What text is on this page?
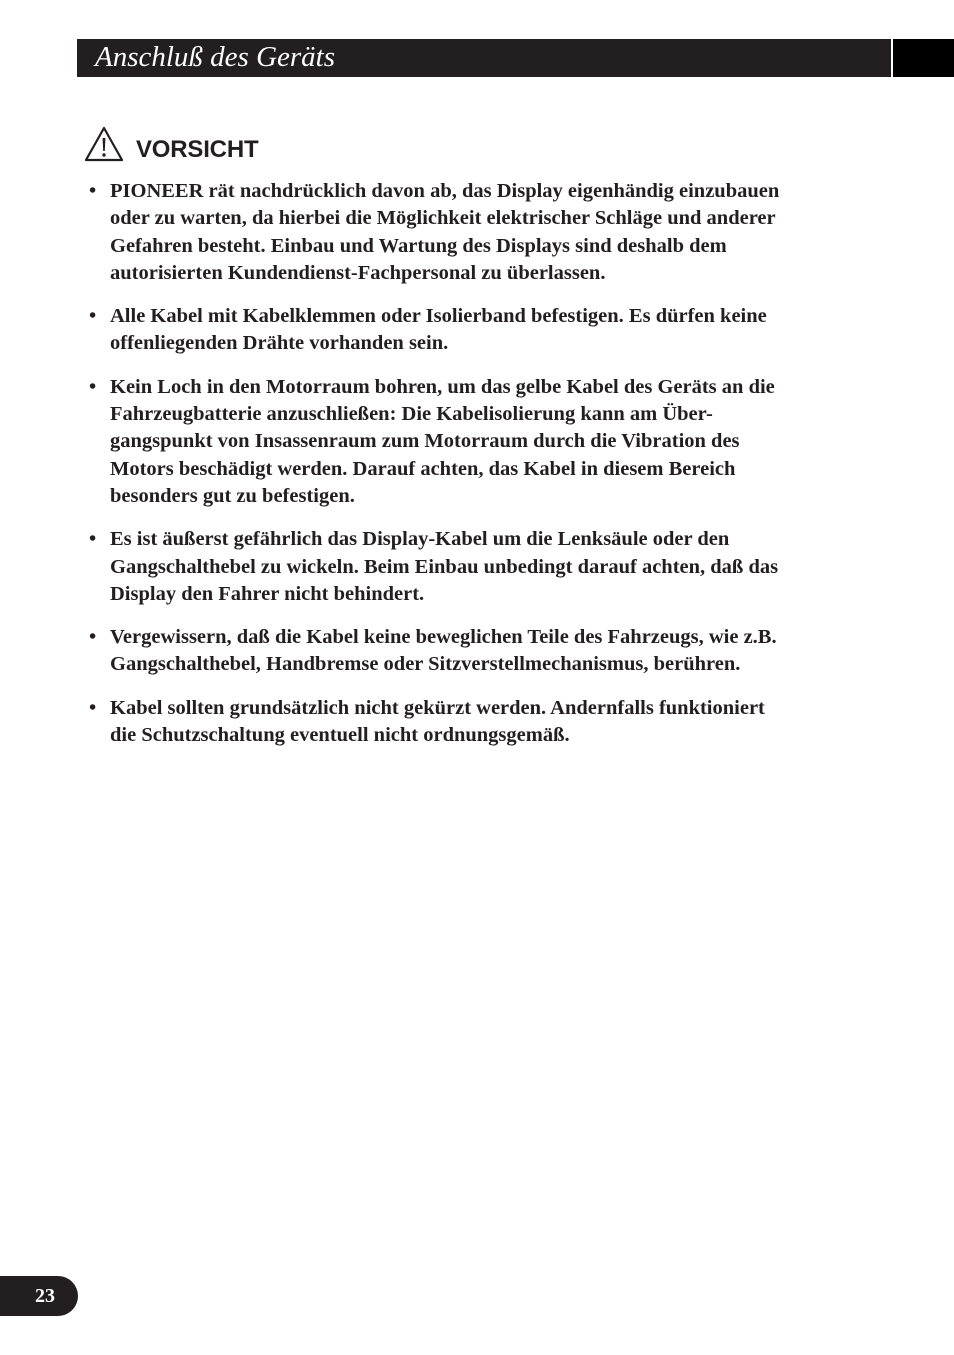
Anschluß des Geräts
VORSICHT
• PIONEER rät nachdrücklich davon ab, das Display eigenhändig einzubauen
oder zu warten, da hierbei die Möglichkeit elektrischer Schläge und anderer
Gefahren besteht. Einbau und Wartung des Displays sind deshalb dem
autorisierten Kundendienst-Fachpersonal zu überlassen.
• Alle Kabel mit Kabelklemmen oder Isolierband befestigen. Es dürfen keine
offenliegenden Drähte vorhanden sein.
• Kein Loch in den Motorraum bohren, um das gelbe Kabel des Geräts an die
Fahrzeugbatterie anzuschließen: Die Kabelisolierung kann am Über-
gangspunkt von Insassenraum zum Motorraum durch die Vibration des
Motors beschädigt werden. Darauf achten, das Kabel in diesem Bereich
besonders gut zu befestigen.
• Es ist äußerst gefährlich das Display-Kabel um die Lenksäule oder den
Gangschalthebel zu wickeln. Beim Einbau unbedingt darauf achten, daß das
Display den Fahrer nicht behindert.
• Vergewissern, daß die Kabel keine beweglichen Teile des Fahrzeugs, wie z.B.
Gangschalthebel, Handbremse oder Sitzverstellmechanismus, berühren.
• Kabel sollten grundsätzlich nicht gekürzt werden. Andernfalls funktioniert
die Schutzschaltung eventuell nicht ordnungsgemäß.
23
